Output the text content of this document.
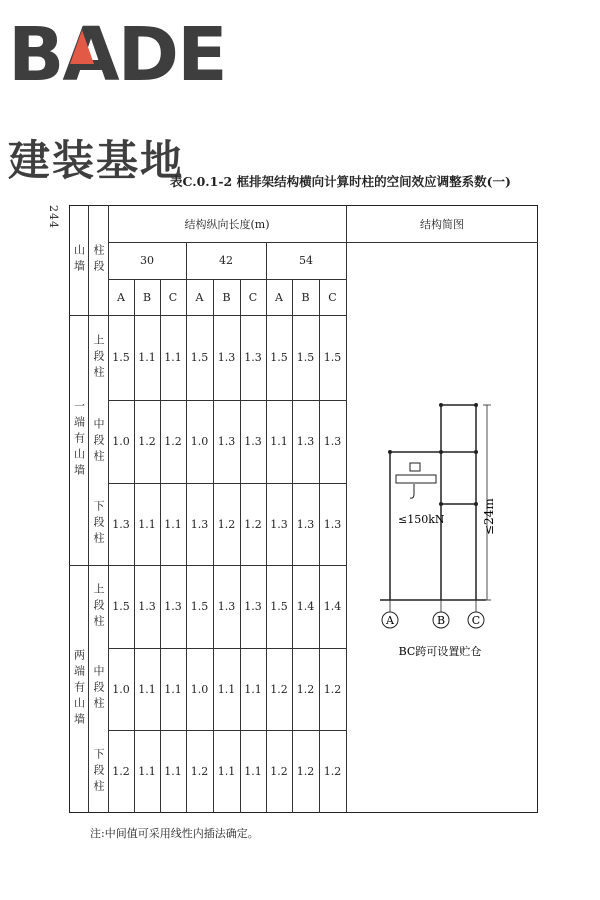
BADE
建装基地
表C.0.1-2 框排架结构横向计算时柱的空间效应调整系数(一)
244
山墙 柱段
结构纵向长度(m)	结构简图
30
A	B	C
42
A	B	C
54
A	B	C
一端有山墙
上段柱 1.5 1.1 1.1 1.5 1.3 1.3 1.5 1.5 1.5
中段柱 1.0 1.2 1.2 1.0 1.3 1.3 1.1 1.3 1.3
下段柱 1.3 1.1 1.1 1.3 1.2 1.2 1.3 1.3 1.3
两端有山墙
上段柱 1.5 1.3 1.3 1.5 1.3 1.3 1.5 1.4 1.4
中段柱 1.0 1.1 1.1 1.0 1.1 1.1 1.2 1.2 1.2
下段柱 1.2 1.1 1.1 1.2 1.1 1.1 1.2 1.2 1.2
A	B C
≤150kN	≤24m
BC跨可设置贮仓
注:中间值可采用线性内插法确定。
